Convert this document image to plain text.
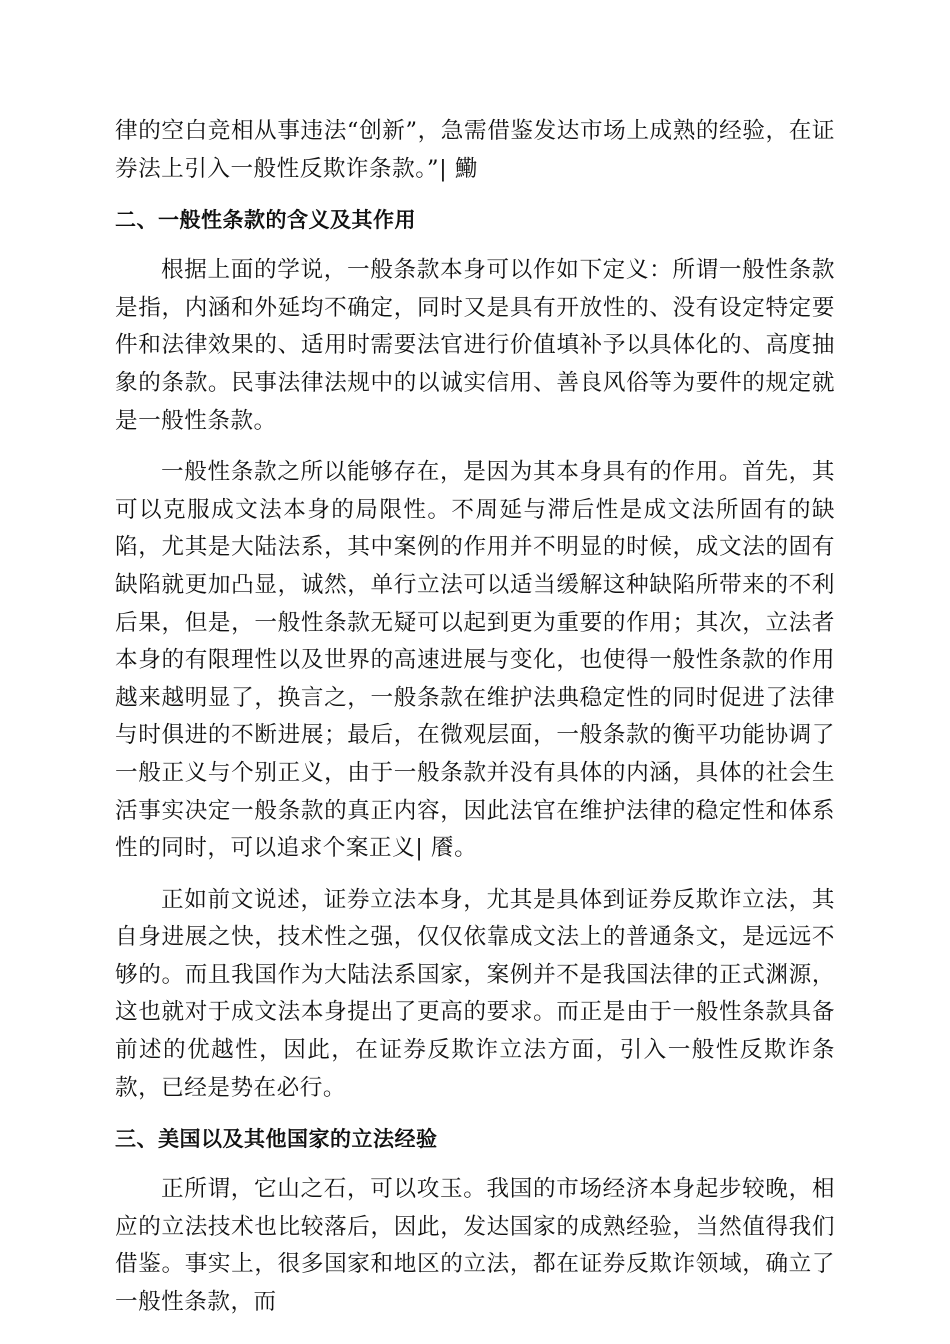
律的空白竞相从事违法“创新”，急需借鉴发达市场上成熟的经验，在证券法上引入一般性反欺诈条款。”| 鰳

二、一般性条款的含义及其作用

根据上面的学说，一般条款本身可以作如下定义：所谓一般性条款是指，内涵和外延均不确定，同时又是具有开放性的、没有设定特定要件和法律效果的、适用时需要法官进行价值填补予以具体化的、高度抽象的条款。民事法律法规中的以诚实信用、善良风俗等为要件的规定就是一般性条款。

一般性条款之所以能够存在，是因为其本身具有的作用。首先，其可以克服成文法本身的局限性。不周延与滞后性是成文法所固有的缺陷，尤其是大陆法系，其中案例的作用并不明显的时候，成文法的固有缺陷就更加凸显，诚然，单行立法可以适当缓解这种缺陷所带来的不利后果，但是，一般性条款无疑可以起到更为重要的作用；其次，立法者本身的有限理性以及世界的高速进展与变化，也使得一般性条款的作用越来越明显了，换言之，一般条款在维护法典稳定性的同时促进了法律与时俱进的不断进展；最后，在微观层面，一般条款的衡平功能协调了一般正义与个别正义，由于一般条款并没有具体的内涵，具体的社会生活事实决定一般条款的真正内容，因此法官在维护法律的稳定性和体系性的同时，可以追求个案正义| 餍。

正如前文说述，证券立法本身，尤其是具体到证券反欺诈立法，其自身进展之快，技术性之强，仅仅依靠成文法上的普通条文，是远远不够的。而且我国作为大陆法系国家，案例并不是我国法律的正式渊源，这也就对于成文法本身提出了更高的要求。而正是由于一般性条款具备前述的优越性，因此，在证券反欺诈立法方面，引入一般性反欺诈条款，已经是势在必行。

三、美国以及其他国家的立法经验

正所谓，它山之石，可以攻玉。我国的市场经济本身起步较晚，相应的立法技术也比较落后，因此，发达国家的成熟经验，当然值得我们借鉴。事实上，很多国家和地区的立法，都在证券反欺诈领域，确立了一般性条款，而
